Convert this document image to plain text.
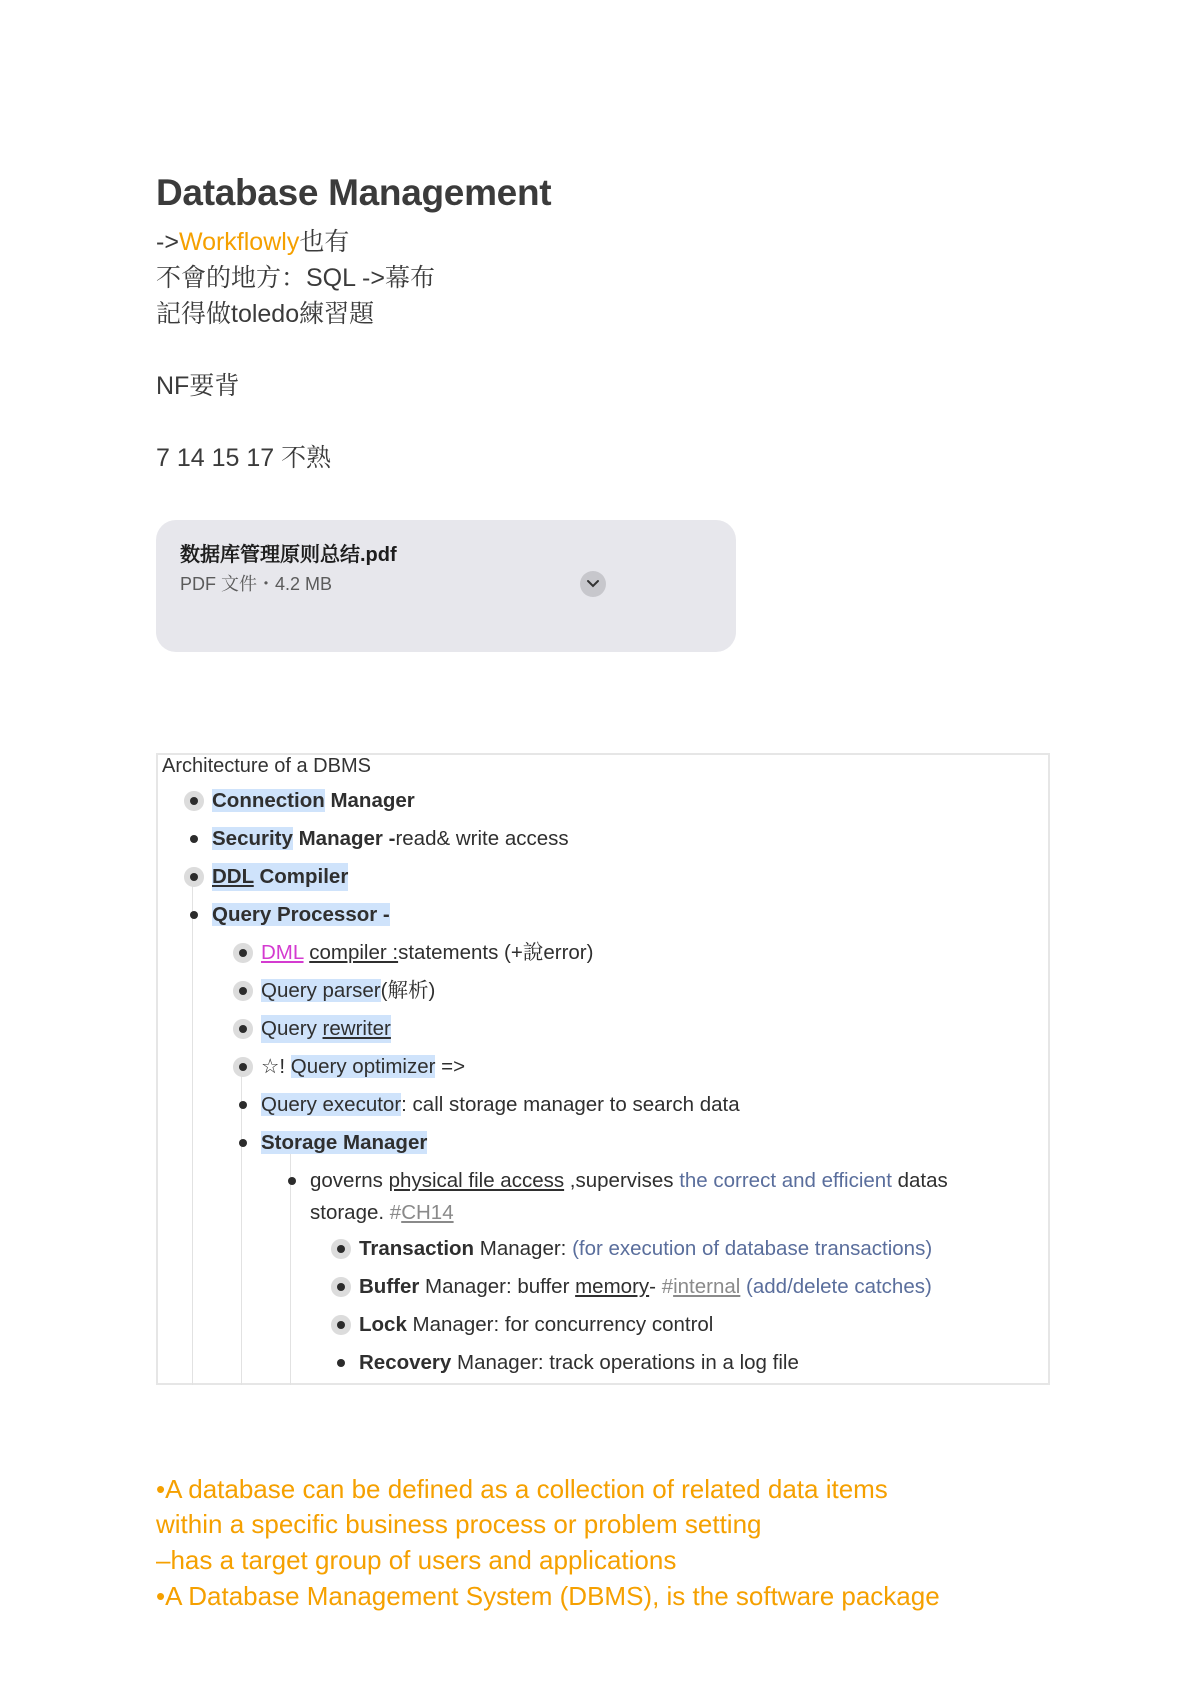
Database Management

->Workflowly也有

不會的地方：SQL ->幕布

記得做toledo練習題

NF要背

7 14 15 17 不熟

数据库管理原则总结.pdf
PDF 文件・4.2 MB
Architecture of a DBMS
Connection Manager
Security Manager -read& write access
DDL Compiler
Query Processor -
DML compiler :statements (+說error)
Query parser(解析)
Query rewriter
☆! Query optimizer =>
Query executor: call storage manager to search data
Storage Manager
governs physical file access ,supervises the correct and efficient datas
storage. #CH14
Transaction Manager: (for execution of database transactions)
Buffer Manager: buffer memory- #internal (add/delete catches)
Lock Manager: for concurrency control
Recovery Manager: track operations in a log file

•A database can be defined as a collection of related data items

within a specific business process or problem setting

–has a target group of users and applications

•A Database Management System (DBMS), is the software package
